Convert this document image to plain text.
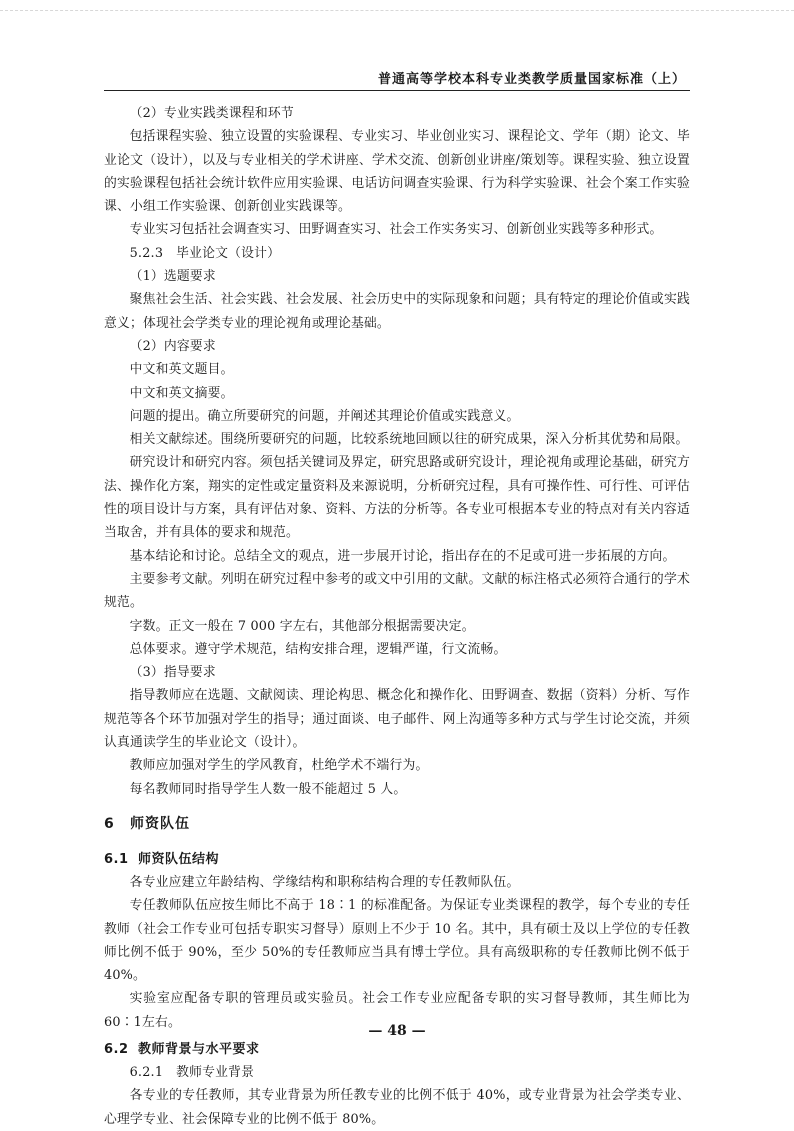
普通高等学校本科专业类教学质量国家标准（上）

（2）专业实践类课程和环节

包括课程实验、独立设置的实验课程、专业实习、毕业创业实习、课程论文、学年（期）论文、毕业论文（设计），以及与专业相关的学术讲座、学术交流、创新创业讲座/策划等。课程实验、独立设置的实验课程包括社会统计软件应用实验课、电话访问调查实验课、行为科学实验课、社会个案工作实验课、小组工作实验课、创新创业实践课等。

专业实习包括社会调查实习、田野调查实习、社会工作实务实习、创新创业实践等多种形式。

5.2.3　毕业论文（设计）

（1）选题要求

聚焦社会生活、社会实践、社会发展、社会历史中的实际现象和问题；具有特定的理论价值或实践意义；体现社会学类专业的理论视角或理论基础。

（2）内容要求

中文和英文题目。

中文和英文摘要。

问题的提出。确立所要研究的问题，并阐述其理论价值或实践意义。

相关文献综述。围绕所要研究的问题，比较系统地回顾以往的研究成果，深入分析其优势和局限。

研究设计和研究内容。须包括关键词及界定，研究思路或研究设计，理论视角或理论基础，研究方法、操作化方案，翔实的定性或定量资料及来源说明，分析研究过程，具有可操作性、可行性、可评估性的项目设计与方案，具有评估对象、资料、方法的分析等。各专业可根据本专业的特点对有关内容适当取舍，并有具体的要求和规范。

基本结论和讨论。总结全文的观点，进一步展开讨论，指出存在的不足或可进一步拓展的方向。

主要参考文献。列明在研究过程中参考的或文中引用的文献。文献的标注格式必须符合通行的学术规范。

字数。正文一般在 7 000 字左右，其他部分根据需要决定。

总体要求。遵守学术规范，结构安排合理，逻辑严谨，行文流畅。

（3）指导要求

指导教师应在选题、文献阅读、理论构思、概念化和操作化、田野调查、数据（资料）分析、写作规范等各个环节加强对学生的指导；通过面谈、电子邮件、网上沟通等多种方式与学生讨论交流，并须认真通读学生的毕业论文（设计）。

教师应加强对学生的学风教育，杜绝学术不端行为。

每名教师同时指导学生人数一般不能超过 5 人。

6 师资队伍
6.1 师资队伍结构

各专业应建立年龄结构、学缘结构和职称结构合理的专任教师队伍。

专任教师队伍应按生师比不高于 18∶1 的标准配备。为保证专业类课程的教学，每个专业的专任教师（社会工作专业可包括专职实习督导）原则上不少于 10 名。其中，具有硕士及以上学位的专任教师比例不低于 90%，至少 50%的专任教师应当具有博士学位。具有高级职称的专任教师比例不低于 40%。

实验室应配备专职的管理员或实验员。社会工作专业应配备专职的实习督导教师，其生师比为 60∶1左右。

6.2 教师背景与水平要求

6.2.1　教师专业背景

各专业的专任教师，其专业背景为所任教专业的比例不低于 40%，或专业背景为社会学类专业、心理学专业、社会保障专业的比例不低于 80%。

— 48 —
